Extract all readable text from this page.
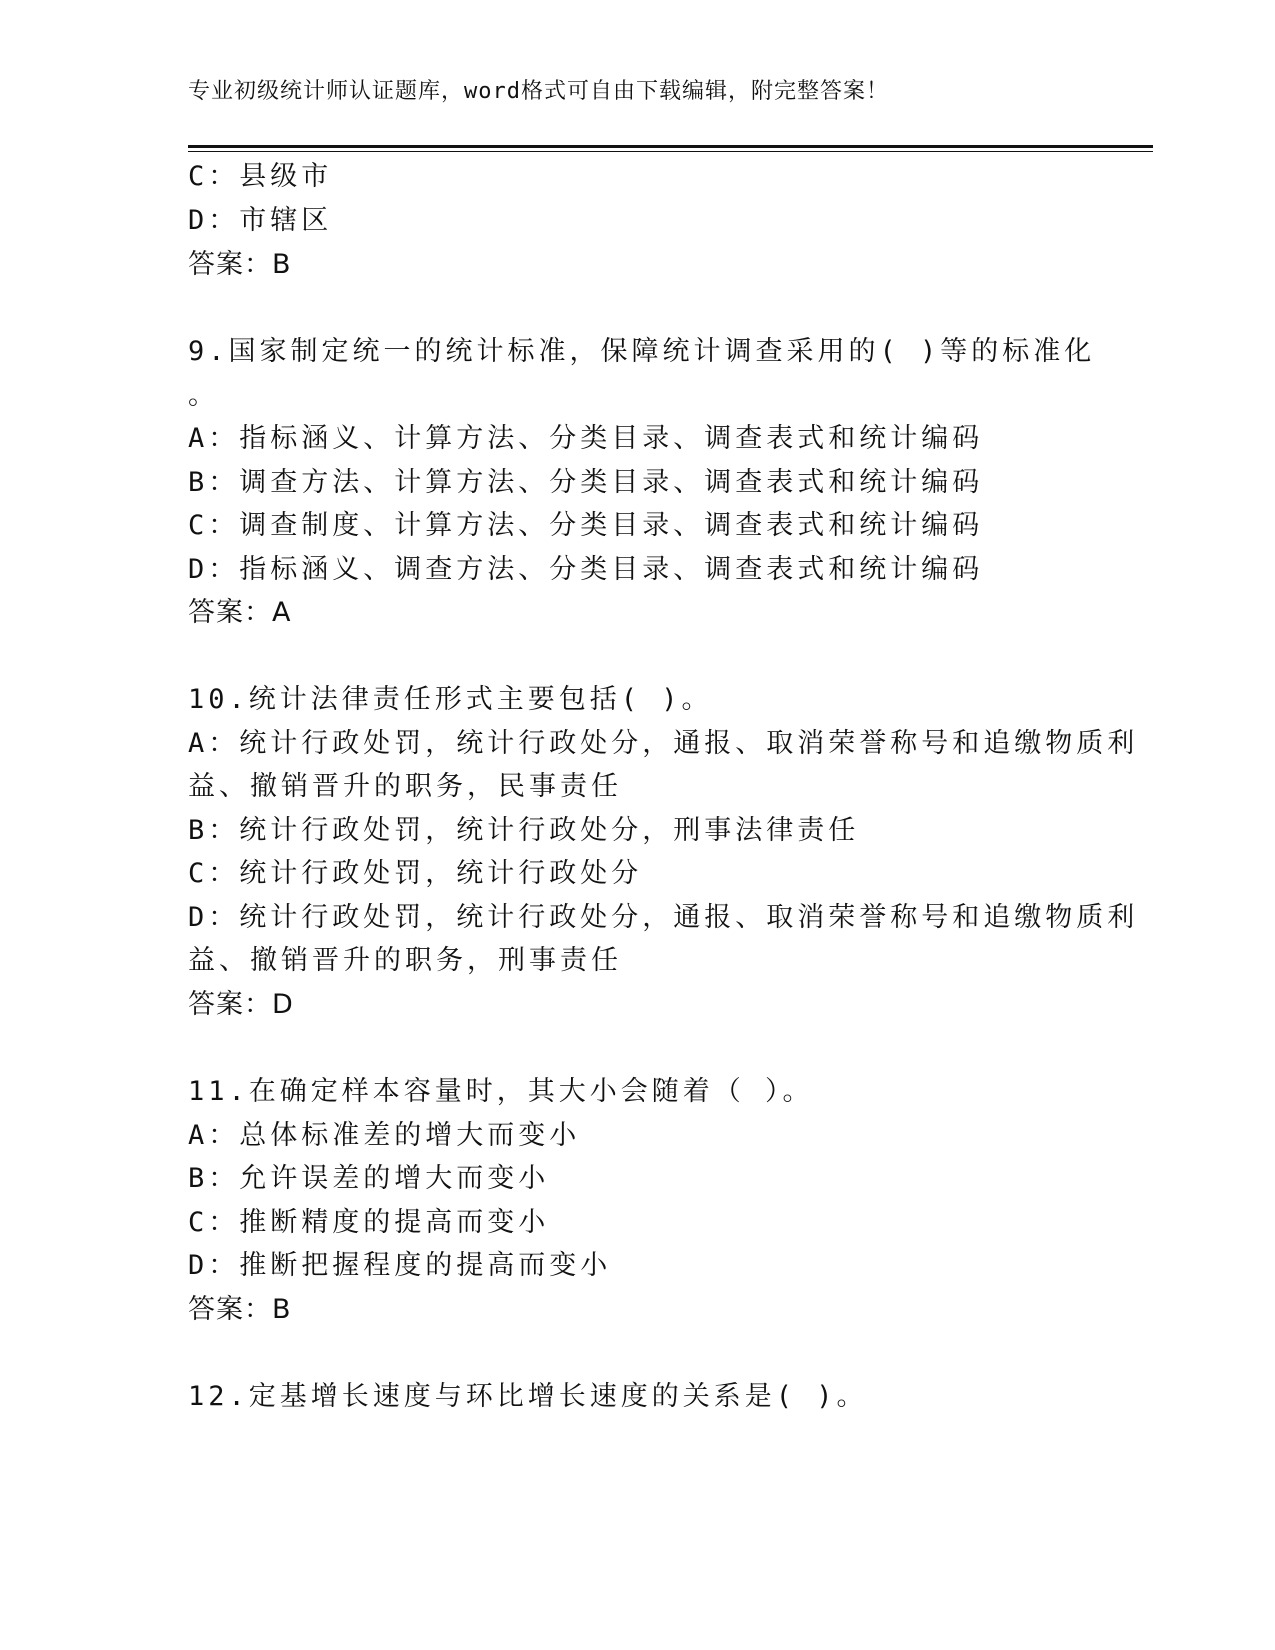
专业初级统计师认证题库，word格式可自由下载编辑，附完整答案！
C：县级市
D：市辖区
答案：B
9.国家制定统一的统计标准，保障统计调查采用的( )等的标准化
。
A：指标涵义、计算方法、分类目录、调查表式和统计编码
B：调查方法、计算方法、分类目录、调查表式和统计编码
C：调查制度、计算方法、分类目录、调查表式和统计编码
D：指标涵义、调查方法、分类目录、调查表式和统计编码
答案：A
10.统计法律责任形式主要包括( )。
A：统计行政处罚，统计行政处分，通报、取消荣誉称号和追缴物质利
益、撤销晋升的职务，民事责任
B：统计行政处罚，统计行政处分，刑事法律责任
C：统计行政处罚，统计行政处分
D：统计行政处罚，统计行政处分，通报、取消荣誉称号和追缴物质利
益、撤销晋升的职务，刑事责任
答案：D
11.在确定样本容量时，其大小会随着（ ）。
A：总体标准差的增大而变小
B：允许误差的增大而变小
C：推断精度的提高而变小
D：推断把握程度的提高而变小
答案：B
12.定基增长速度与环比增长速度的关系是( )。
